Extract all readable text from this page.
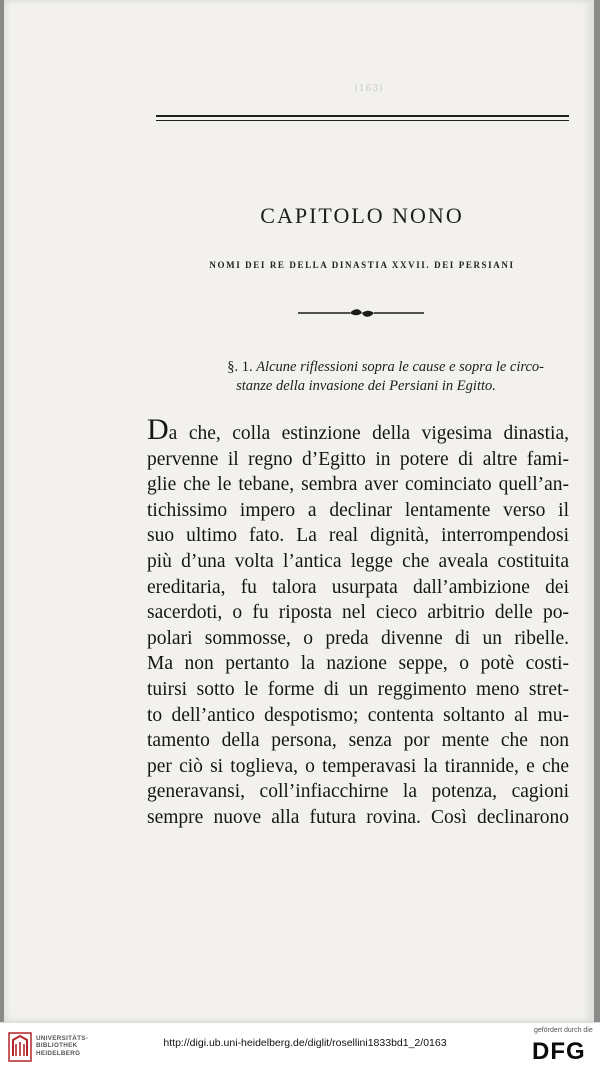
(163)
CAPITOLO NONO
NOMI DEI RE DELLA DINASTIA XXVII. DEI PERSIANI
§. 1. Alcune riflessioni sopra le cause e sopra le circo-
stanze della invasione dei Persiani in Egitto.
Da che, colla estinzione della vigesima dinastia,
pervenne il regno d’Egitto in potere di altre fami-
glie che le tebane, sembra aver cominciato quell’an-
tichissimo impero a declinar lentamente verso il
suo ultimo fato. La real dignità, interrompendosi
più d’una volta l’antica legge che avealа costituita
ereditaria, fu talora usurpata dall’ambizione dei
sacerdoti, o fu riposta nel cieco arbitrio delle po-
polari sommosse, o preda divenne di un ribelle.
Ma non pertanto la nazione seppe, o potè costi-
tuirsi sotto le forme di un reggimento meno stret-
to dell’antico despotismo; contenta soltanto al mu-
tamento della persona, senza por mente che non
per ciò si toglieva, o temperavasi la tirannide, e che
generavansi, coll’infiacchirne la potenza, cagioni
sempre nuove alla futura rovina. Così declinarono
UNIVERSITÄTS-
BIBLIOTHEK
HEIDELBERG
http://digi.ub.uni-heidelberg.de/diglit/rosellini1833bd1_2/0163
gefördert durch die
DFG
